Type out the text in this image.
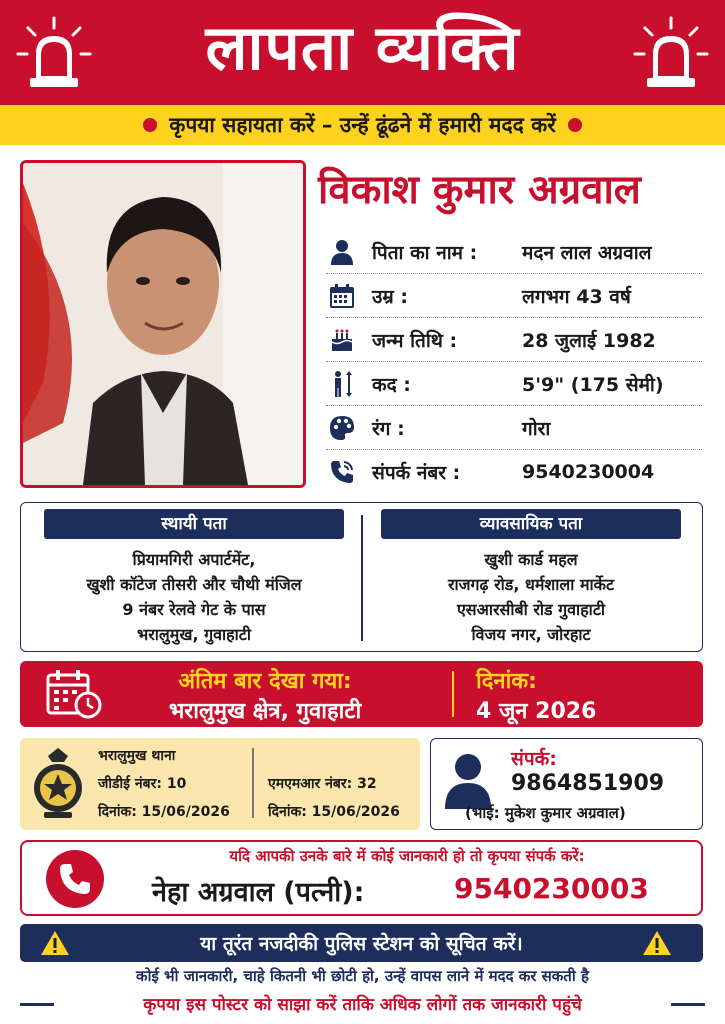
लापता व्यक्ति
कृपया सहायता करें – उन्हें ढूंढने में हमारी मदद करें
विकाश कुमार अग्रवाल
पिता का नाम : मदन लाल अग्रवाल
उम्र :	लगभग 43 वर्ष
जन्म तिथि :	28 जुलाई 1982
कद :	5'9" (175 सेमी)
रंग :	गोरा
संपर्क नंबर :	9540230004
स्थायी पता
प्रियामगिरी अपार्टमेंट,
खुशी कॉटेज तीसरी और चौथी मंजिल
9 नंबर रेलवे गेट के पास
भरालुमुख, गुवाहाटी
व्यावसायिक पता
खुशी कार्ड महल
राजगढ़ रोड, धर्मशाला मार्केट
एसआरसीबी रोड गुवाहाटी
विजय नगर, जोरहाट
अंतिम बार देखा गया:
भरालुमुख क्षेत्र, गुवाहाटी
दिनांक:
4 जून 2026
भरालुमुख थाना
जीडीई नंबर: 10
दिनांक: 15/06/2026
एमएमआर नंबर: 32
दिनांक: 15/06/2026
संपर्क:
9864851909
(भाई: मुकेश कुमार अग्रवाल)
यदि आपकी उनके बारे में कोई जानकारी हो तो कृपया संपर्क करें:
नेहा अग्रवाल (पत्नी):	9540230003
या तूरंत नजदीकी पुलिस स्टेशन को सूचित करें।
कोई भी जानकारी, चाहे कितनी भी छोटी हो, उन्हें वापस लाने में मदद कर सकती है
कृपया इस पोस्टर को साझा करें ताकि अधिक लोगों तक जानकारी पहुंचे
